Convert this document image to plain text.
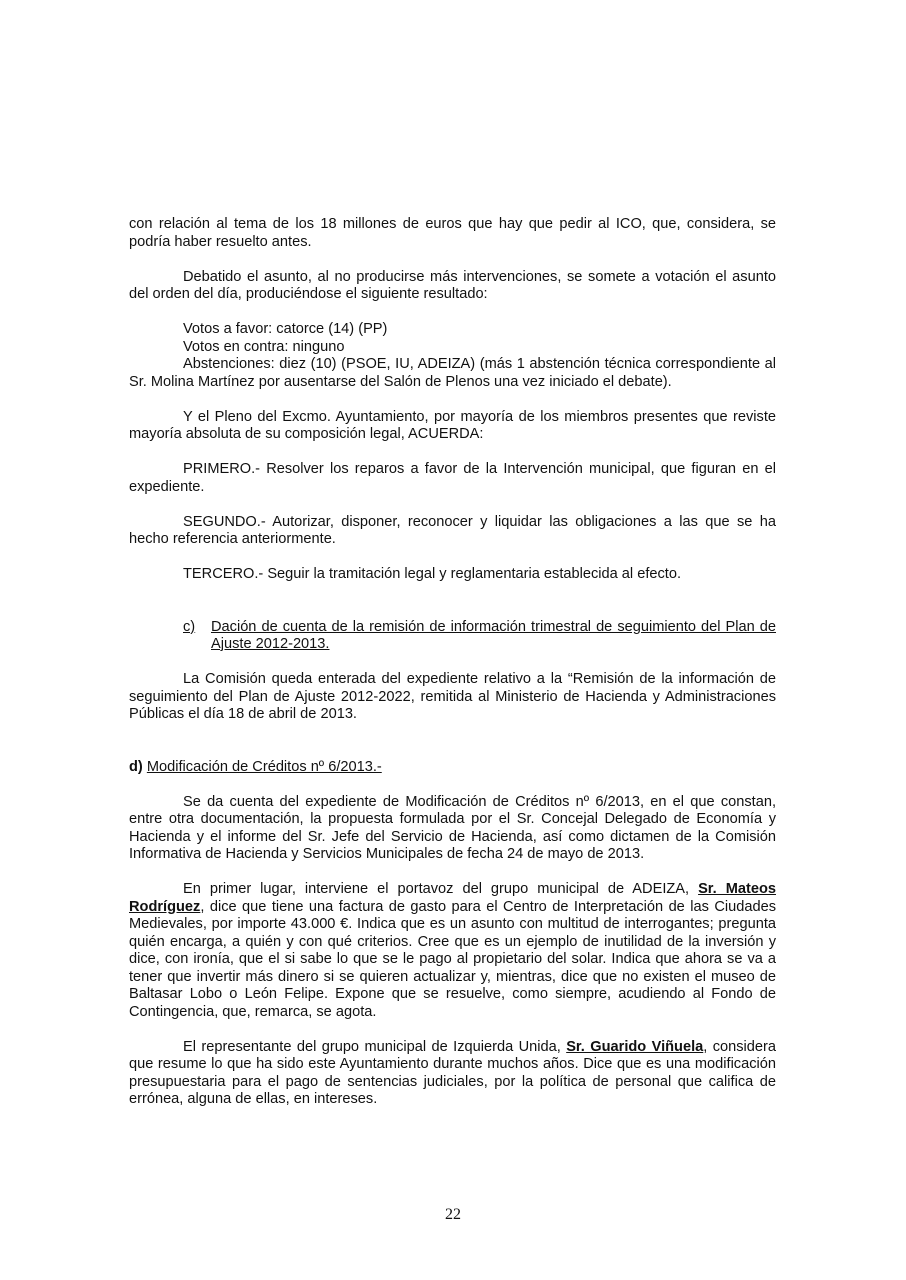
con relación al tema de los 18 millones de euros que hay que pedir al ICO, que, considera, se podría haber resuelto antes.

Debatido el asunto, al no producirse más intervenciones, se somete a votación el asunto del orden del día, produciéndose el siguiente resultado:

Votos a favor: catorce (14) (PP)

Votos en contra: ninguno

Abstenciones: diez (10) (PSOE, IU, ADEIZA) (más 1 abstención técnica correspondiente al Sr. Molina Martínez por ausentarse del Salón de Plenos una vez iniciado el debate).

Y el Pleno del Excmo. Ayuntamiento, por mayoría de los miembros presentes que reviste mayoría absoluta de su composición legal, ACUERDA:

PRIMERO.- Resolver los reparos a favor de la Intervención municipal, que figuran en el expediente.

SEGUNDO.- Autorizar, disponer, reconocer y liquidar las obligaciones a las que se ha hecho referencia anteriormente.

TERCERO.- Seguir la tramitación legal y reglamentaria establecida al efecto.

c)	Dación de cuenta de la remisión de información trimestral de seguimiento del Plan de Ajuste 2012-2013.

La Comisión queda enterada del expediente relativo a la “Remisión de la información de seguimiento del Plan de Ajuste 2012-2022, remitida al Ministerio de Hacienda y Administraciones Públicas el día 18 de abril de 2013.

d) Modificación de Créditos nº 6/2013.-

Se da cuenta del expediente de Modificación de Créditos nº 6/2013, en el que constan, entre otra documentación, la propuesta formulada por el Sr. Concejal Delegado de Economía y Hacienda y el informe del Sr. Jefe del Servicio de Hacienda, así como dictamen de la Comisión Informativa de Hacienda y Servicios Municipales de fecha 24 de mayo de 2013.

En primer lugar, interviene el portavoz del grupo municipal de ADEIZA, Sr. Mateos Rodríguez, dice que tiene una factura de gasto para el Centro de Interpretación de las Ciudades Medievales, por importe 43.000 €. Indica que es un asunto con multitud de interrogantes; pregunta quién encarga, a quién y con qué criterios. Cree que es un ejemplo de inutilidad de la inversión y dice, con ironía, que el si sabe lo que se le pago al propietario del solar. Indica que ahora se va a tener que invertir más dinero si se quieren actualizar y, mientras, dice que no existen el museo de Baltasar Lobo o León Felipe. Expone que se resuelve, como siempre, acudiendo al Fondo de Contingencia, que, remarca, se agota.

El representante del grupo municipal de Izquierda Unida, Sr. Guarido Viñuela, considera que resume lo que ha sido este Ayuntamiento durante muchos años. Dice que es una modificación presupuestaria para el pago de sentencias judiciales, por la política de personal que califica de errónea, alguna de ellas, en intereses.

22
